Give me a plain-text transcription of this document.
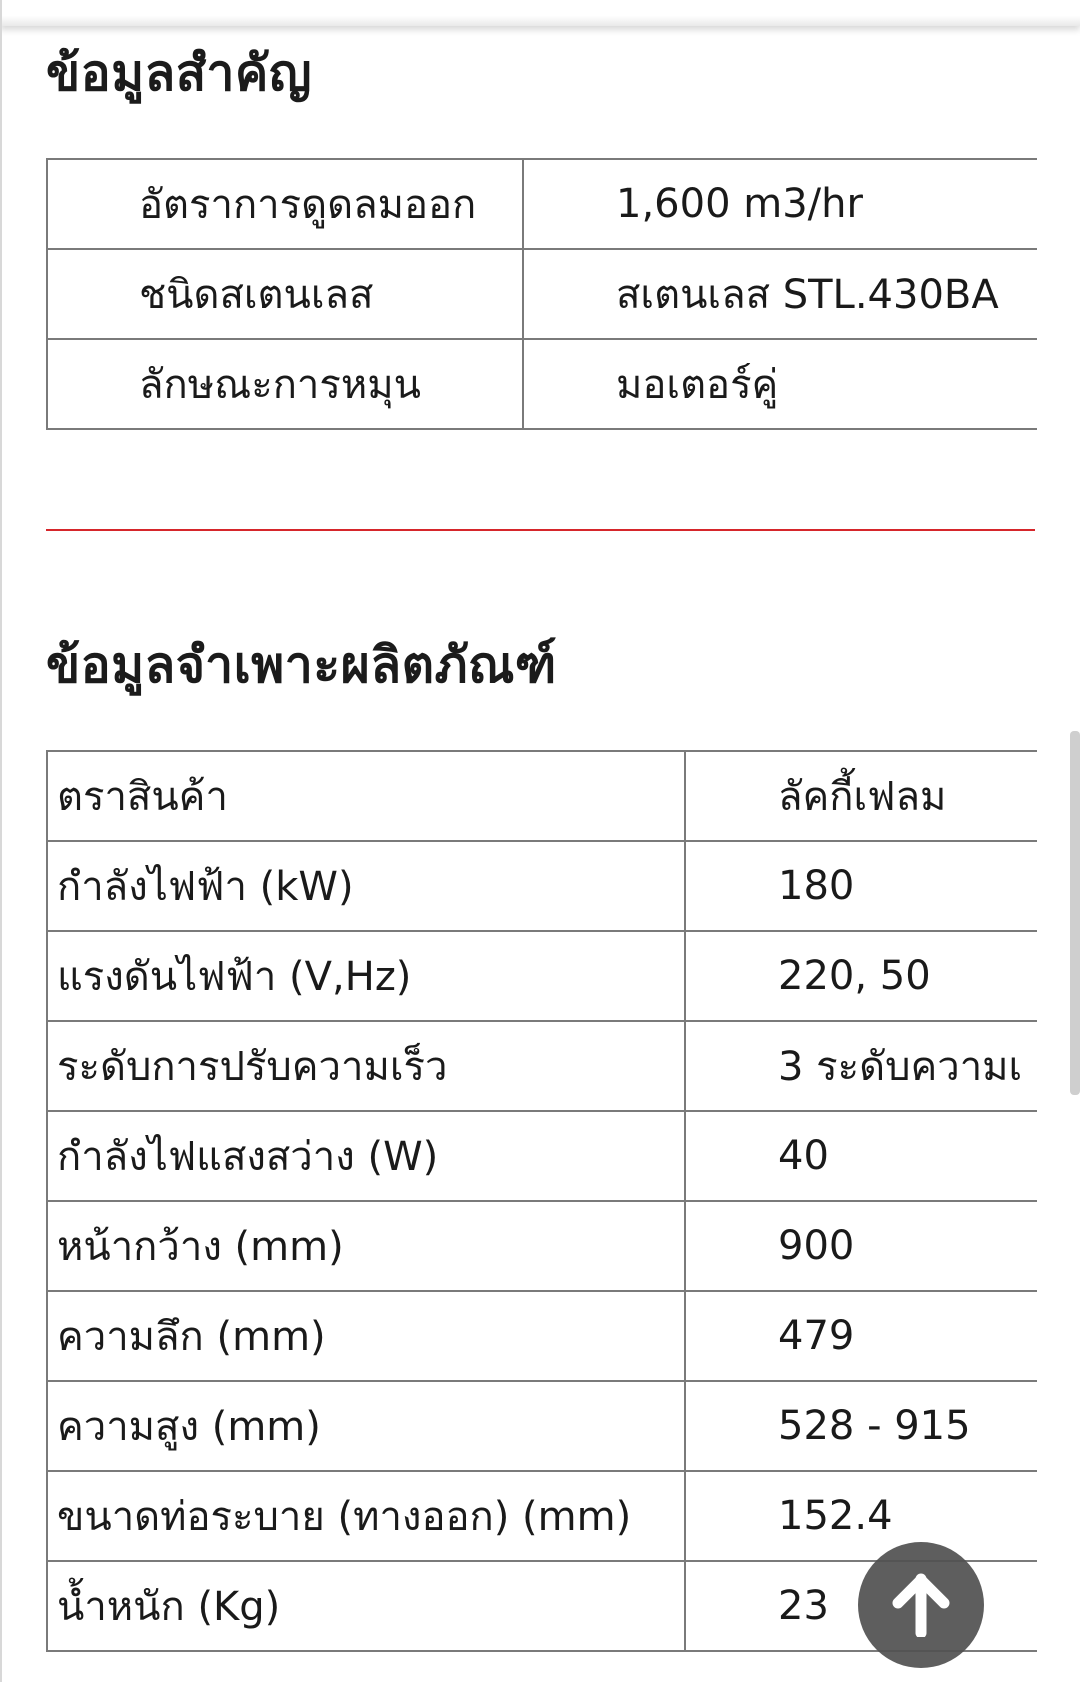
ข้อมูลสำคัญ
อัตราการดูดลมออก	1,600 m3/hr
ชนิดสเตนเลส	สเตนเลส STL.430BA
ลักษณะการหมุน	มอเตอร์คู่
ข้อมูลจำเพาะผลิตภัณฑ์
ตราสินค้า	ลัคกี้เฟลม
กำลังไฟฟ้า (kW)	180
แรงดันไฟฟ้า (V,Hz)	220, 50
ระดับการปรับความเร็ว	3 ระดับความเ
กำลังไฟแสงสว่าง (W)	40
หน้ากว้าง (mm)	900
ความลึก (mm)	479
ความสูง (mm)	528 - 915
ขนาดท่อระบาย (ทางออก) (mm)	152.4
น้ำหนัก (Kg)	23
